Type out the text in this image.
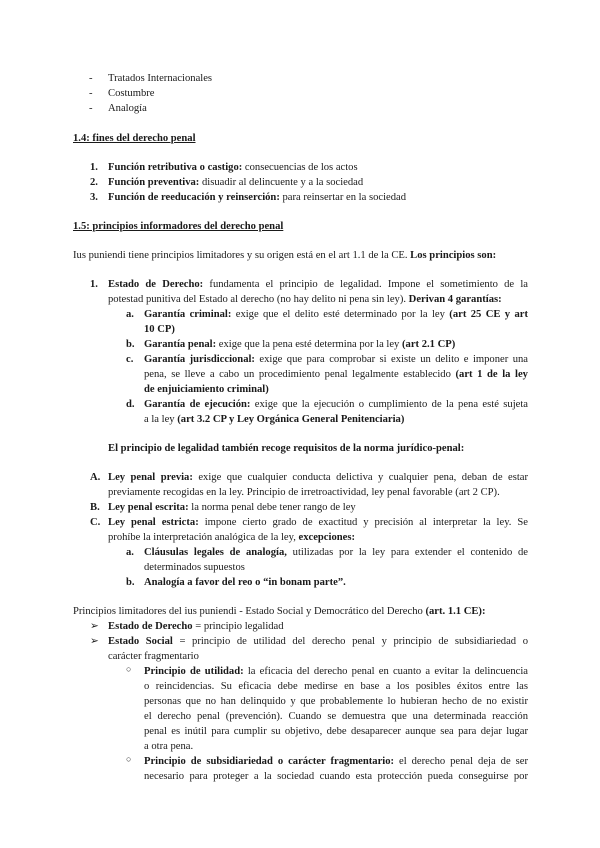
- Tratados Internacionales
- Costumbre
- Analogía
1.4: fines del derecho penal
1. Función retributiva o castigo: consecuencias de los actos
2. Función preventiva: disuadir al delincuente y a la sociedad
3. Función de reeducación y reinserción: para reinsertar en la sociedad
1.5: principios informadores del derecho penal
Ius puniendi tiene principios limitadores y su origen está en el art 1.1 de la CE. Los principios son:
1. Estado de Derecho: fundamenta el principio de legalidad. Impone el sometimiento de la
potestad punitiva del Estado al derecho (no hay delito ni pena sin ley). Derivan 4 garantías:
a. Garantía criminal: exige que el delito esté determinado por la ley (art 25 CE y art
10 CP)
b. Garantía penal: exige que la pena esté determina por la ley (art 2.1 CP)
c. Garantía jurisdiccional: exige que para comprobar si existe un delito e imponer una
pena, se lleve a cabo un procedimiento penal legalmente establecido (art 1 de la ley
de enjuiciamiento criminal)
d. Garantía de ejecución: exige que la ejecución o cumplimiento de la pena esté sujeta
a la ley (art 3.2 CP y Ley Orgánica General Penitenciaria)
El principio de legalidad también recoge requisitos de la norma jurídico-penal:
A. Ley penal previa: exige que cualquier conducta delictiva y cualquier pena, deban de estar
previamente recogidas en la ley. Principio de irretroactividad, ley penal favorable (art 2 CP).
B. Ley penal escrita: la norma penal debe tener rango de ley
C. Ley penal estricta: impone cierto grado de exactitud y precisión al interpretar la ley. Se
prohíbe la interpretación analógica de la ley, excepciones:
a. Cláusulas legales de analogía, utilizadas por la ley para extender el contenido de
determinados supuestos
b. Analogía a favor del reo o “in bonam parte”.
Principios limitadores del ius puniendi - Estado Social y Democrático del Derecho (art. 1.1 CE):
➢ Estado de Derecho = principio legalidad
➢ Estado Social = principio de utilidad del derecho penal y principio de subsidiariedad o
carácter fragmentario
○ Principio de utilidad: la eficacia del derecho penal en cuanto a evitar la delincuencia
o reincidencias. Su eficacia debe medirse en base a los posibles éxitos entre las
personas que no han delinquido y que probablemente lo hubieran hecho de no existir
el derecho penal (prevención). Cuando se demuestra que una determinada reacción
penal es inútil para cumplir su objetivo, debe desaparecer aunque sea para dejar lugar
a otra pena.
○ Principio de subsidiariedad o carácter fragmentario: el derecho penal deja de ser
necesario para proteger a la sociedad cuando esta protección pueda conseguirse por
